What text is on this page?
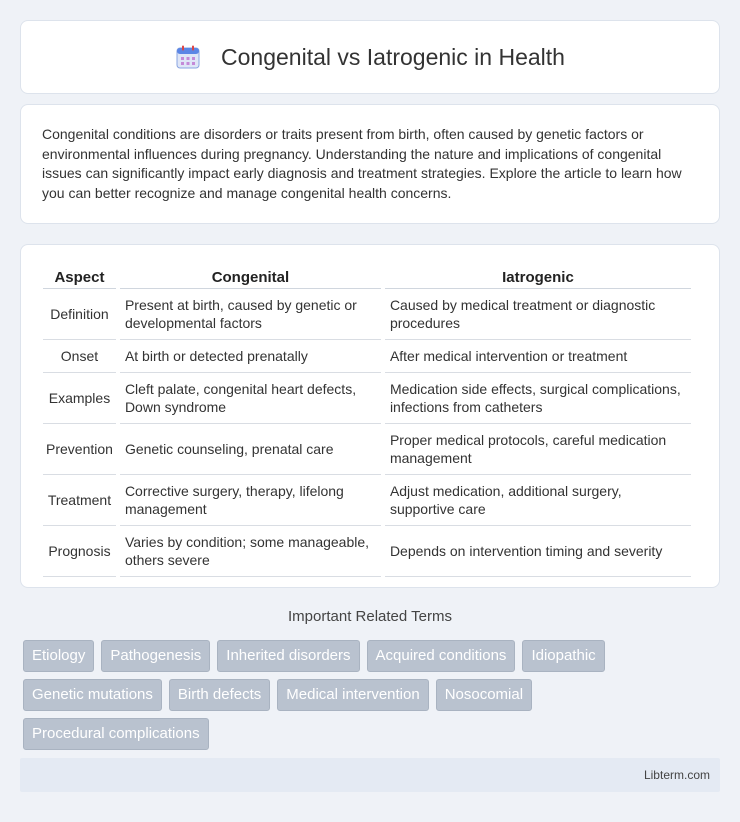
Congenital vs Iatrogenic in Health

Congenital conditions are disorders or traits present from birth, often caused by genetic factors or environmental influences during pregnancy. Understanding the nature and implications of congenital issues can significantly impact early diagnosis and treatment strategies. Explore the article to learn how you can better recognize and manage congenital health concerns.

Aspect	Congenital	Iatrogenic
Definition	Present at birth, caused by genetic or developmental factors	Caused by medical treatment or diagnostic procedures
Onset	At birth or detected prenatally	After medical intervention or treatment
Examples	Cleft palate, congenital heart defects, Down syndrome	Medication side effects, surgical complications, infections from catheters
Prevention	Genetic counseling, prenatal care	Proper medical protocols, careful medication management
Treatment	Corrective surgery, therapy, lifelong management	Adjust medication, additional surgery, supportive care
Prognosis	Varies by condition; some manageable, others severe	Depends on intervention timing and severity
Important Related Terms
Etiology	Pathogenesis	Inherited disorders	Acquired conditions	Idiopathic
Genetic mutations	Birth defects	Medical intervention	Nosocomial
Procedural complications
Libterm.com
